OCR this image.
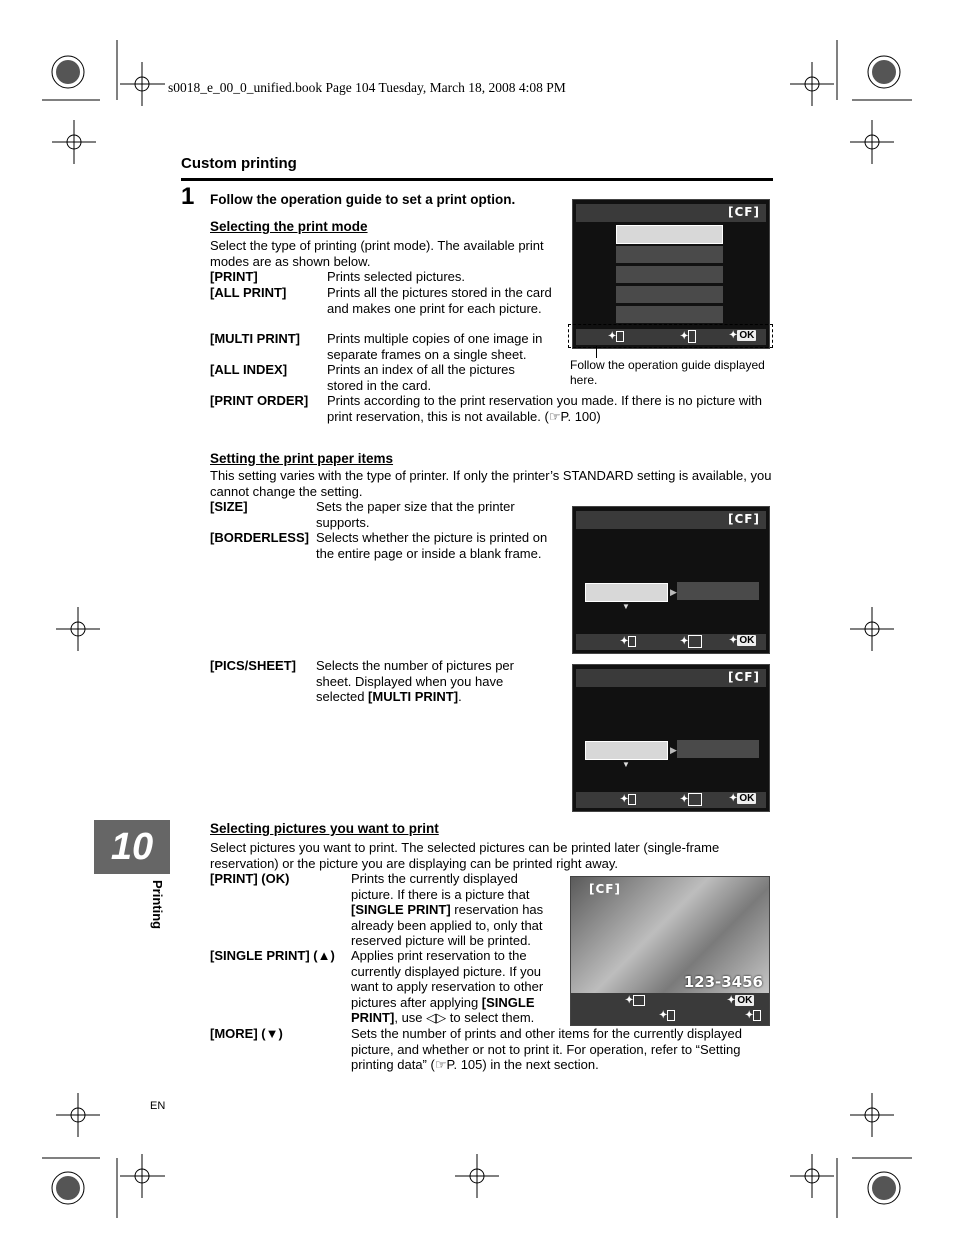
s0018_e_00_0_unified.book Page 104 Tuesday, March 18, 2008 4:08 PM
Custom printing
1 Follow the operation guide to set a print option.
Selecting the print mode
Select the type of printing (print mode). The available print modes are as shown below.
[PRINT]	Prints selected pictures.
[ALL PRINT]	Prints all the pictures stored in the card and makes one print for each picture.
[MULTI PRINT] Prints multiple copies of one image in separate frames on a single sheet.
[ALL INDEX]	Prints an index of all the pictures stored in the card.
[PRINT ORDER] Prints according to the print reservation you made. If there is no picture with print reservation, this is not available. (☞P. 100)
[CF]
✦	✦	✦ OK
Follow the operation guide displayed here.
Setting the print paper items
This setting varies with the type of printer. If only the printer’s STANDARD setting is available, you cannot change the setting.
[SIZE]	Sets the paper size that the printer supports.
[BORDERLESS] Selects whether the picture is printed on the entire page or inside a blank frame.
[CF]
▶
▼
✦	✦	✦ OK
[PICS/SHEET] Selects the number of pictures per sheet. Displayed when you have selected [MULTI PRINT].
[CF]
▶
▼
✦	✦	✦ OK
10
Printing
Selecting pictures you want to print
Select pictures you want to print. The selected pictures can be printed later (single-frame reservation) or the picture you are displaying can be printed right away.
[PRINT] (OK)	Prints the currently displayed picture. If there is a picture that [SINGLE PRINT] reservation has already been applied to, only that reserved picture will be printed.
[SINGLE PRINT] (▲) Applies print reservation to the currently displayed picture. If you want to apply reservation to other pictures after applying [SINGLE PRINT], use ◁▷ to select them.
[MORE] (▼)	Sets the number of prints and other items for the currently displayed picture, and whether or not to print it. For operation, refer to “Setting printing data” (☞P. 105) in the next section.
[CF]
123-3456
✦	✦ OK
✦	✦
EN
